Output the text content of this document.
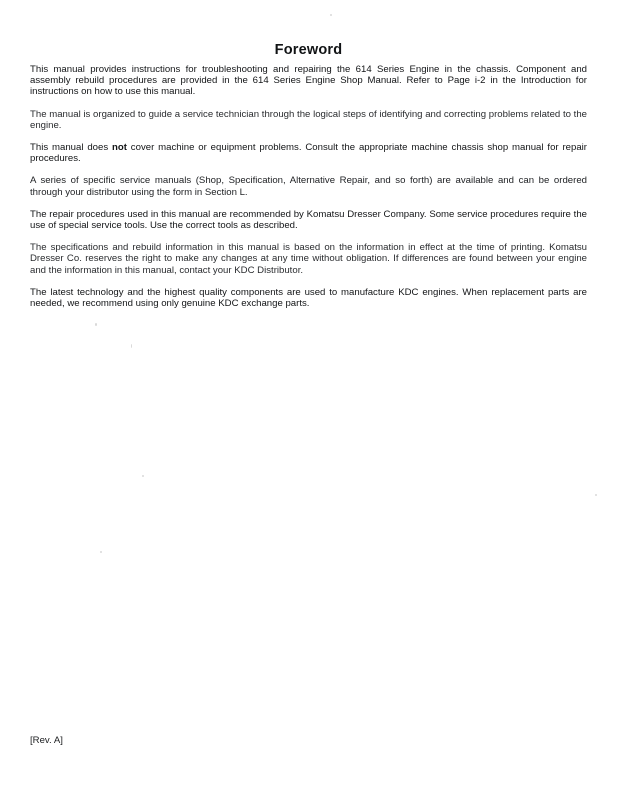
Foreword

This manual provides instructions for troubleshooting and repairing the 614 Series Engine in the chassis. Component and assembly rebuild procedures are provided in the 614 Series Engine Shop Manual. Refer to Page i-2 in the Introduction for instructions on how to use this manual.

The manual is organized to guide a service technician through the logical steps of identifying and correcting problems related to the engine.

This manual does not cover machine or equipment problems. Consult the appropriate machine chassis shop manual for repair procedures.

A series of specific service manuals (Shop, Specification, Alternative Repair, and so forth) are available and can be ordered through your distributor using the form in Section L.

The repair procedures used in this manual are recommended by Komatsu Dresser Company. Some service procedures require the use of special service tools. Use the correct tools as described.

The specifications and rebuild information in this manual is based on the information in effect at the time of printing. Komatsu Dresser Co. reserves the right to make any changes at any time without obligation. If differences are found between your engine and the information in this manual, contact your KDC Distributor.

The latest technology and the highest quality components are used to manufacture KDC engines. When replacement parts are needed, we recommend using only genuine KDC exchange parts.

[Rev. A]
